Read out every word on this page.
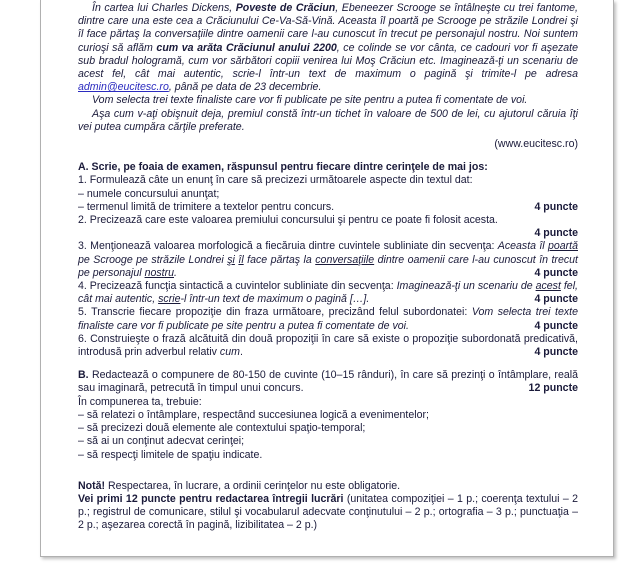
În cartea lui Charles Dickens, Poveste de Crăciun, Ebeneezer Scrooge se întâlneşte cu trei fantome, dintre care una este cea a Crăciunului Ce-Va-Să-Vină. Aceasta îl poartă pe Scrooge pe străzile Londrei şi îl face părtaş la conversaţiile dintre oamenii care l-au cunoscut în trecut pe personajul nostru. Noi suntem curioşi să aflăm cum va arăta Crăciunul anului 2200, ce colinde se vor cânta, ce cadouri vor fi aşezate sub bradul hologramă, cum vor sărbători copiii venirea lui Moş Crăciun etc. Imaginează-ţi un scenariu de acest fel, cât mai autentic, scrie-l într-un text de maximum o pagină şi trimite-l pe adresa admin@eucitesc.ro, până pe data de 23 decembrie.

Vom selecta trei texte finaliste care vor fi publicate pe site pentru a putea fi comentate de voi.

Aşa cum v-aţi obişnuit deja, premiul constă într-un tichet în valoare de 500 de lei, cu ajutorul căruia îţi vei putea cumpăra cărţile preferate.

(www.eucitesc.ro)

A. Scrie, pe foaia de examen, răspunsul pentru fiecare dintre cerinţele de mai jos:

1. Formulează câte un enunţ în care să precizezi următoarele aspecte din textul dat:

– numele concursului anunţat;

– termenul limită de trimitere a textelor pentru concurs.	4 puncte

2. Precizează care este valoarea premiului concursului şi pentru ce poate fi folosit acesta.

4 puncte

3. Menţionează valoarea morfologică a fiecăruia dintre cuvintele subliniate din secvenţa: Aceasta îl poartă pe Scrooge pe străzile Londrei şi îl face părtaş la conversaţiile dintre oamenii care l-au cunoscut în trecut pe personajul nostru.	4 puncte

4. Precizează funcţia sintactică a cuvintelor subliniate din secvenţa: Imaginează-ţi un scenariu de acest fel, cât mai autentic, scrie-l într-un text de maximum o pagină […].	4 puncte

5. Transcrie fiecare propoziţie din fraza următoare, precizând felul subordonatei: Vom selecta trei texte finaliste care vor fi publicate pe site pentru a putea fi comentate de voi.	4 puncte

6. Construieşte o frază alcătuită din două propoziţii în care să existe o propoziţie subordonată predicativă, introdusă prin adverbul relativ cum.	4 puncte

B. Redactează o compunere de 80-150 de cuvinte (10–15 rânduri), în care să prezinţi o întâmplare, reală sau imaginară, petrecută în timpul unui concurs.	12 puncte

În compunerea ta, trebuie:

– să relatezi o întâmplare, respectând succesiunea logică a evenimentelor;

– să precizezi două elemente ale contextului spaţio-temporal;

– să ai un conţinut adecvat cerinţei;

– să respecţi limitele de spaţiu indicate.

Notă! Respectarea, în lucrare, a ordinii cerinţelor nu este obligatorie.

Vei primi 12 puncte pentru redactarea întregii lucrări (unitatea compoziţiei – 1 p.; coerenţa textului – 2 p.; registrul de comunicare, stilul şi vocabularul adecvate conţinutului – 2 p.; ortografia – 3 p.; punctuaţia – 2 p.; aşezarea corectă în pagină, lizibilitatea – 2 p.)
